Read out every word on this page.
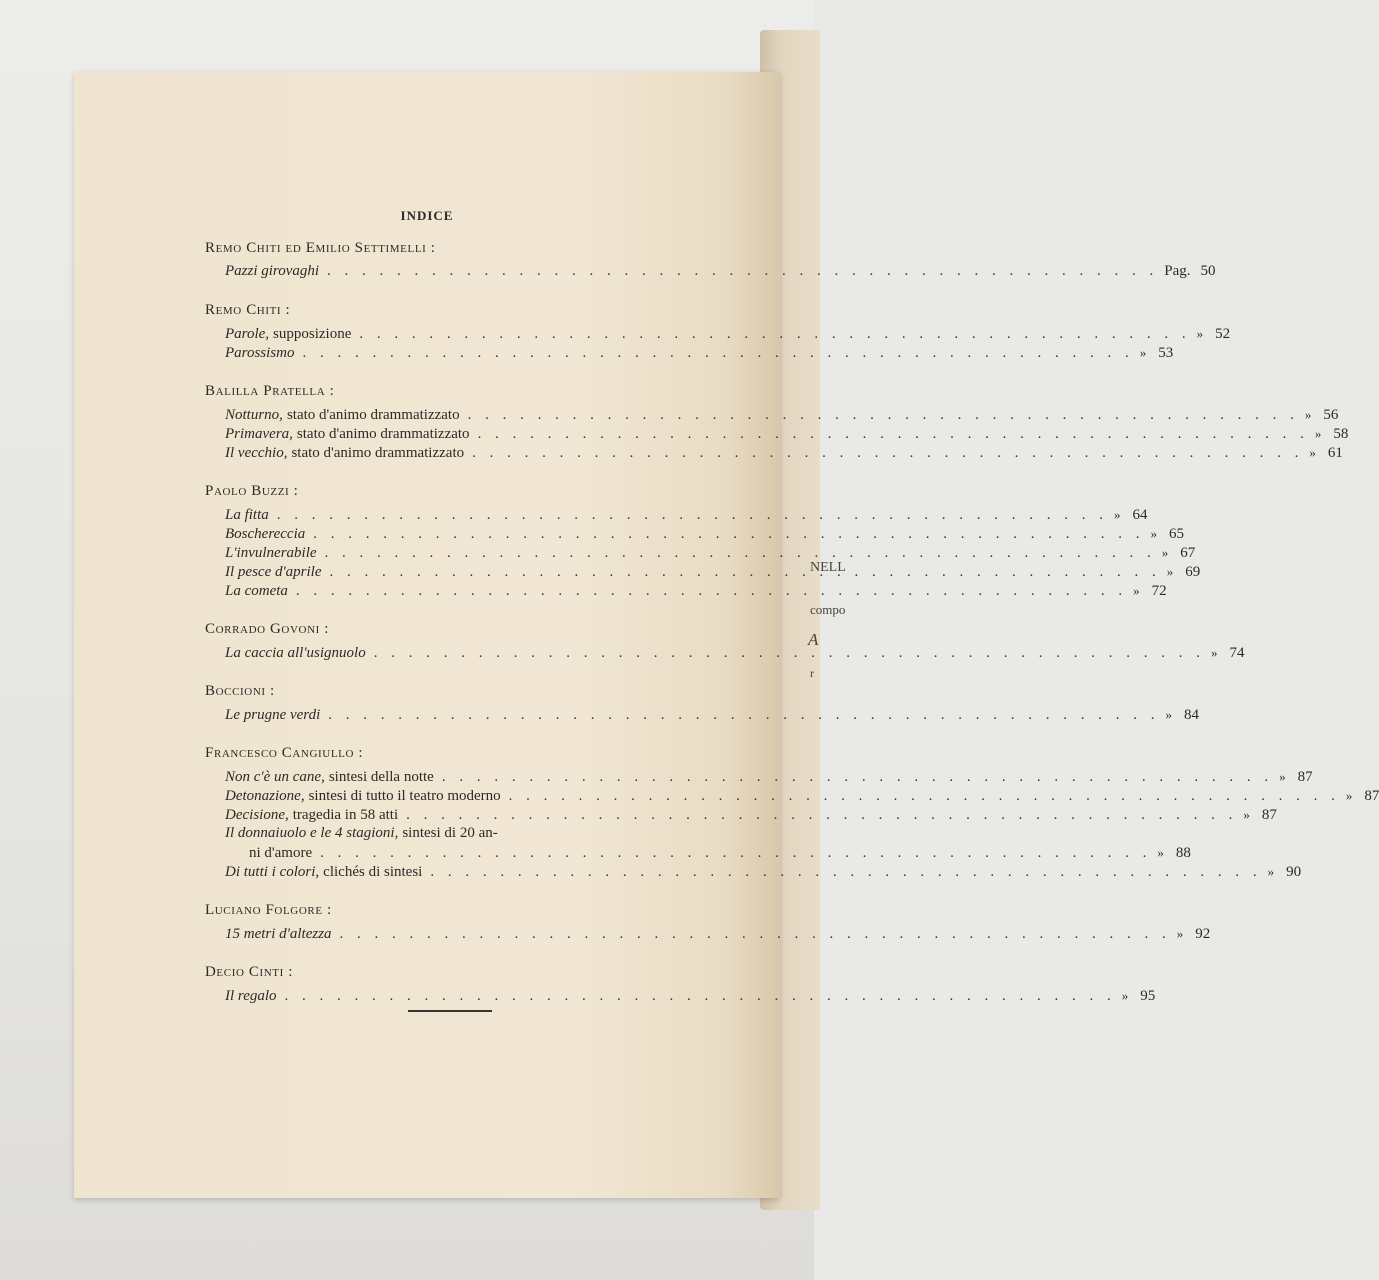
NELL
compo
A
r
INDICE
Remo Chiti ed Emilio Settimelli :
Pazzi girovaghi . . .	Pag. 50
Remo Chiti :
Parole, supposizione . . .	» 52
Parossismo . . .	» 53
Balilla Pratella :
Notturno, stato d'animo drammatizzato . . .	» 56
Primavera, stato d'animo drammatizzato . . .	» 58
Il vecchio, stato d'animo drammatizzato . . .	» 61
Paolo Buzzi :
La fitta . . .	» 64
Boschereccia . . .	» 65
L'invulnerabile . . .	» 67
Il pesce d'aprile . . .	» 69
La cometa . . .	» 72
Corrado Govoni :
La caccia all'usignuolo . . .	» 74
Boccioni :
Le prugne verdi . . .	» 84
Francesco Cangiullo :
Non c'è un cane, sintesi della notte . . .	» 87
Detonazione, sintesi di tutto il teatro moderno . . .	» 87
Decisione, tragedia in 58 atti . . .	» 87
Il donnaiuolo e le 4 stagioni, sintesi di 20 an-
ni d'amore . . .	» 88
Di tutti i colori, clichés di sintesi . . .	» 90
Luciano Folgore :
15 metri d'altezza . . .	» 92
Decio Cinti :
Il regalo . . .	» 95
